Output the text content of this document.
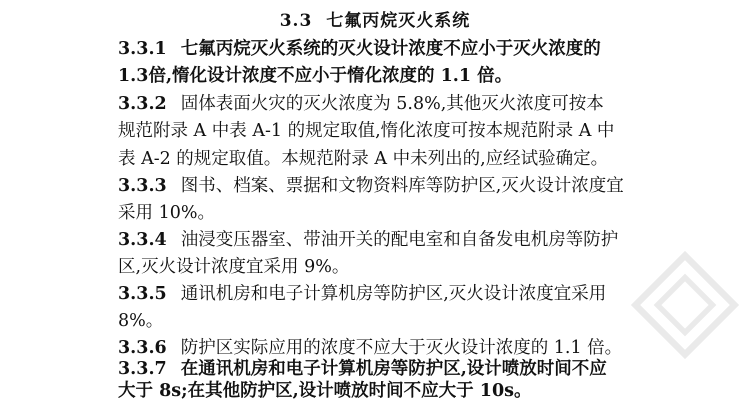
3.3 七氟丙烷灭火系统
3.3.1 七氟丙烷灭火系统的灭火设计浓度不应小于灭火浓度的
1.3倍,惰化设计浓度不应小于惰化浓度的 1.1 倍。
3.3.2 固体表面火灾的灭火浓度为 5.8%,其他灭火浓度可按本
规范附录 A 中表 A-1 的规定取值,惰化浓度可按本规范附录 A 中
表 A-2 的规定取值。本规范附录 A 中未列出的,应经试验确定。
3.3.3 图书、档案、票据和文物资料库等防护区,灭火设计浓度宜
采用 10%。
3.3.4 油浸变压器室、带油开关的配电室和自备发电机房等防护
区,灭火设计浓度宜采用 9%。
3.3.5 通讯机房和电子计算机房等防护区,灭火设计浓度宜采用
8%。
3.3.6 防护区实际应用的浓度不应大于灭火设计浓度的 1.1 倍。
3.3.7 在通讯机房和电子计算机房等防护区,设计喷放时间不应
大于 8s;在其他防护区,设计喷放时间不应大于 10s。
